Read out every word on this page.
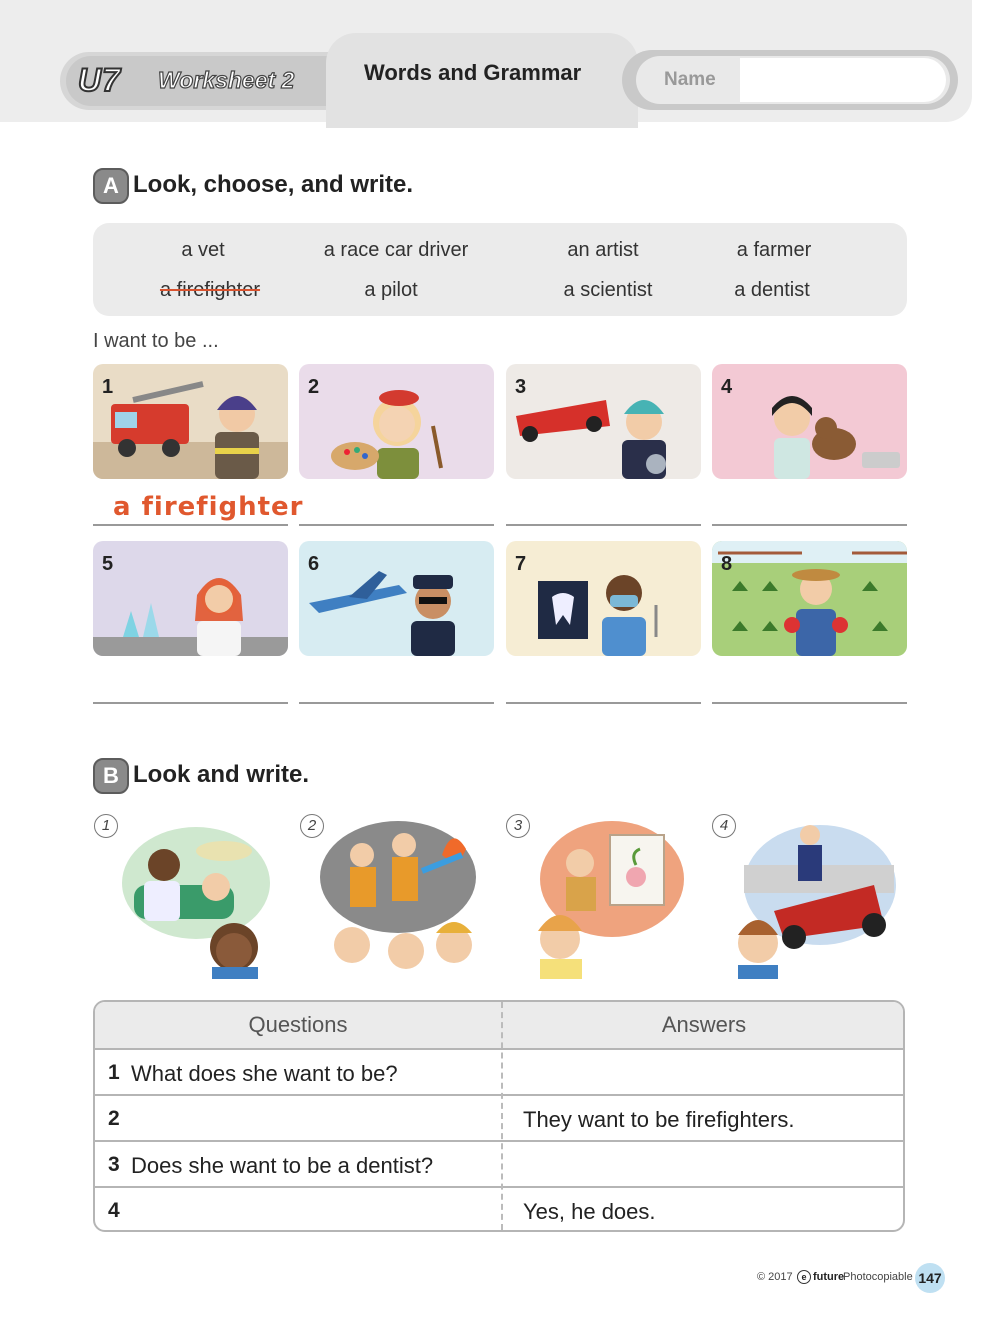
U7 Worksheet 2	Words and Grammar	Name
A Look, choose, and write.
a vet	a race car driver	an artist	a farmer
a firefighter	a pilot	a scientist	a dentist
I want to be ...
1	2	3	4
a firefighter
5	6	7	8
B Look and write.
1	2	3	4
Questions	Answers
1 What does she want to be?
2	They want to be firefighters.
3 Does she want to be a dentist?
4	Yes, he does.
© 2017 e future
Photocopiable 147
